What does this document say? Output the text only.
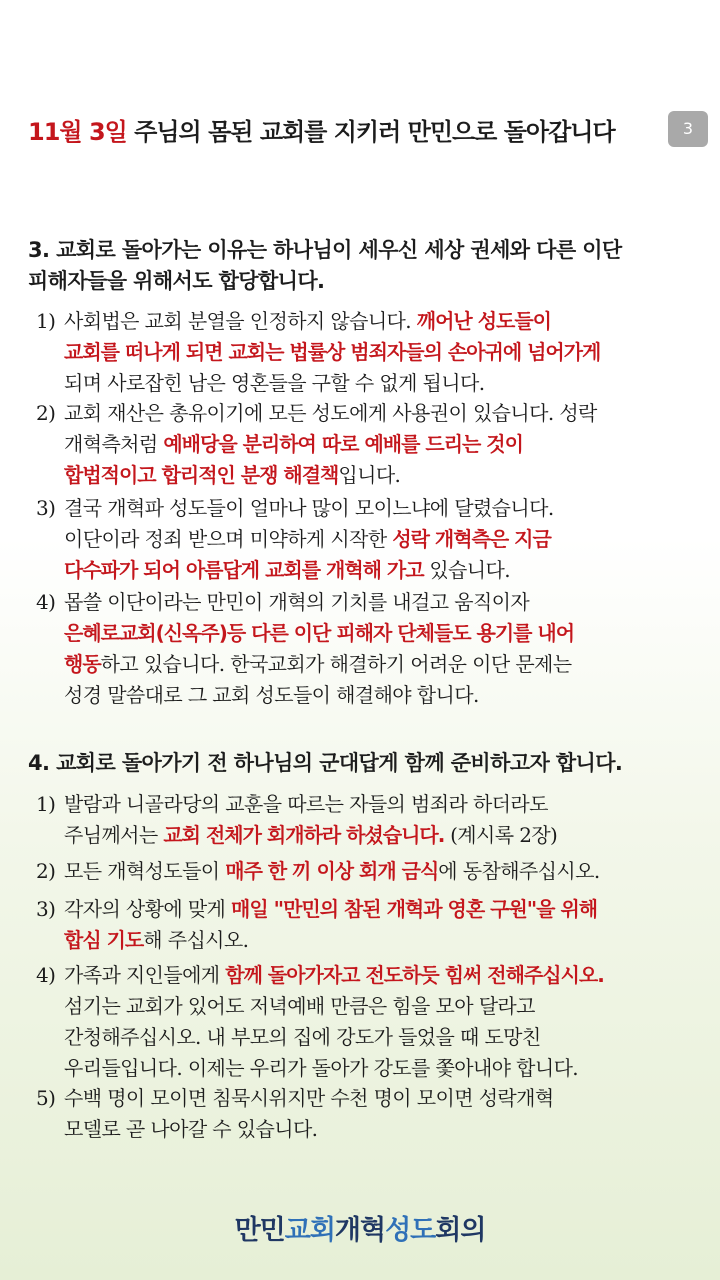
11월 3일 주님의 몸된 교회를 지키러 만민으로 돌아갑니다	3
3. 교회로 돌아가는 이유는 하나님이 세우신 세상 권세와 다른 이단
피해자들을 위해서도 합당합니다.
1) 사회법은 교회 분열을 인정하지 않습니다. 깨어난 성도들이
교회를 떠나게 되면 교회는 법률상 범죄자들의 손아귀에 넘어가게
되며 사로잡힌 남은 영혼들을 구할 수 없게 됩니다.
2) 교회 재산은 총유이기에 모든 성도에게 사용권이 있습니다. 성락
개혁측처럼 예배당을 분리하여 따로 예배를 드리는 것이
합법적이고 합리적인 분쟁 해결책입니다.
3) 결국 개혁파 성도들이 얼마나 많이 모이느냐에 달렸습니다.
이단이라 정죄 받으며 미약하게 시작한 성락 개혁측은 지금
다수파가 되어 아름답게 교회를 개혁해 가고 있습니다.
4) 몹쓸 이단이라는 만민이 개혁의 기치를 내걸고 움직이자
은혜로교회(신옥주)등 다른 이단 피해자 단체들도 용기를 내어
행동하고 있습니다. 한국교회가 해결하기 어려운 이단 문제는
성경 말씀대로 그 교회 성도들이 해결해야 합니다.
4. 교회로 돌아가기 전 하나님의 군대답게 함께 준비하고자 합니다.
1) 발람과 니골라당의 교훈을 따르는 자들의 범죄라 하더라도
주님께서는 교회 전체가 회개하라 하셨습니다. (계시록 2장)
2) 모든 개혁성도들이 매주 한 끼 이상 회개 금식에 동참해주십시오.
3) 각자의 상황에 맞게 매일 "만민의 참된 개혁과 영혼 구원"을 위해
합심 기도해 주십시오.
4) 가족과 지인들에게 함께 돌아가자고 전도하듯 힘써 전해주십시오.
섬기는 교회가 있어도 저녁예배 만큼은 힘을 모아 달라고
간청해주십시오. 내 부모의 집에 강도가 들었을 때 도망친
우리들입니다. 이제는 우리가 돌아가 강도를 쫓아내야 합니다.
5) 수백 명이 모이면 침묵시위지만 수천 명이 모이면 성락개혁
모델로 곧 나아갈 수 있습니다.
만민교회개혁성도회의
